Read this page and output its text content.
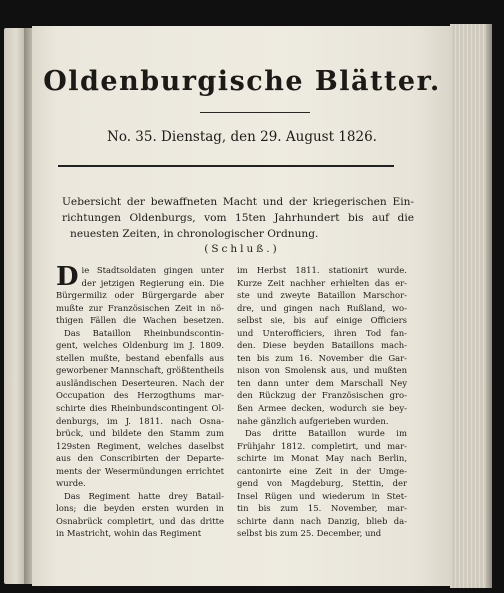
Oldenburgische Blätter.
No. 35. Dienstag, den 29. August 1826.
Uebersicht der bewaffneten Macht und der kriegerischen Ein-
richtungen Oldenburgs, vom 15ten Jahrhundert bis auf die
neuesten Zeiten, in chronologischer Ordnung.
(Schluß.)
D ie Stadtsoldaten gingen unter
der jetzigen Regierung ein. Die
Bürgermiliz oder Bürgergarde aber
mußte zur Französischen Zeit in nö-
thigen Fällen die Wachen besetzen.
Das Bataillon Rheinbundscontin-
gent, welches Oldenburg im J. 1809.
stellen mußte, bestand ebenfalls aus
geworbener Mannschaft, größtentheils
ausländischen Deserteuren. Nach der
Occupation des Herzogthums mar-
schirte dies Rheinbundscontingent Ol-
denburgs, im J. 1811. nach Osna-
brück, und bildete den Stamm zum
129sten Regiment, welches daselbst
aus den Conscribirten der Departe-
ments der Wesermündungen errichtet
wurde.
Das Regiment hatte drey Batail-
lons; die beyden ersten wurden in
Osnabrück completirt, und das dritte
in Mastricht, wohin das Regiment
im Herbst 1811. stationirt wurde.
Kurze Zeit nachher erhielten das er-
ste und zweyte Bataillon Marschor-
dre, und gingen nach Rußland, wo-
selbst sie, bis auf einige Officiers
und Unterofficiers, ihren Tod fan-
den. Diese beyden Bataillons mach-
ten bis zum 16. November die Gar-
nison von Smolensk aus, und mußten
ten dann unter dem Marschall Ney
den Rückzug der Französischen gro-
ßen Armee decken, wodurch sie bey-
nahe gänzlich aufgerieben wurden.
Das dritte Bataillon wurde im
Frühjahr 1812. completirt, und mar-
schirte im Monat May nach Berlin,
cantonirte eine Zeit in der Umge-
gend von Magdeburg, Stettin, der
Insel Rügen und wiederum in Stet-
tin bis zum 15. November, mar-
schirte dann nach Danzig, blieb da-
selbst bis zum 25. December, und
